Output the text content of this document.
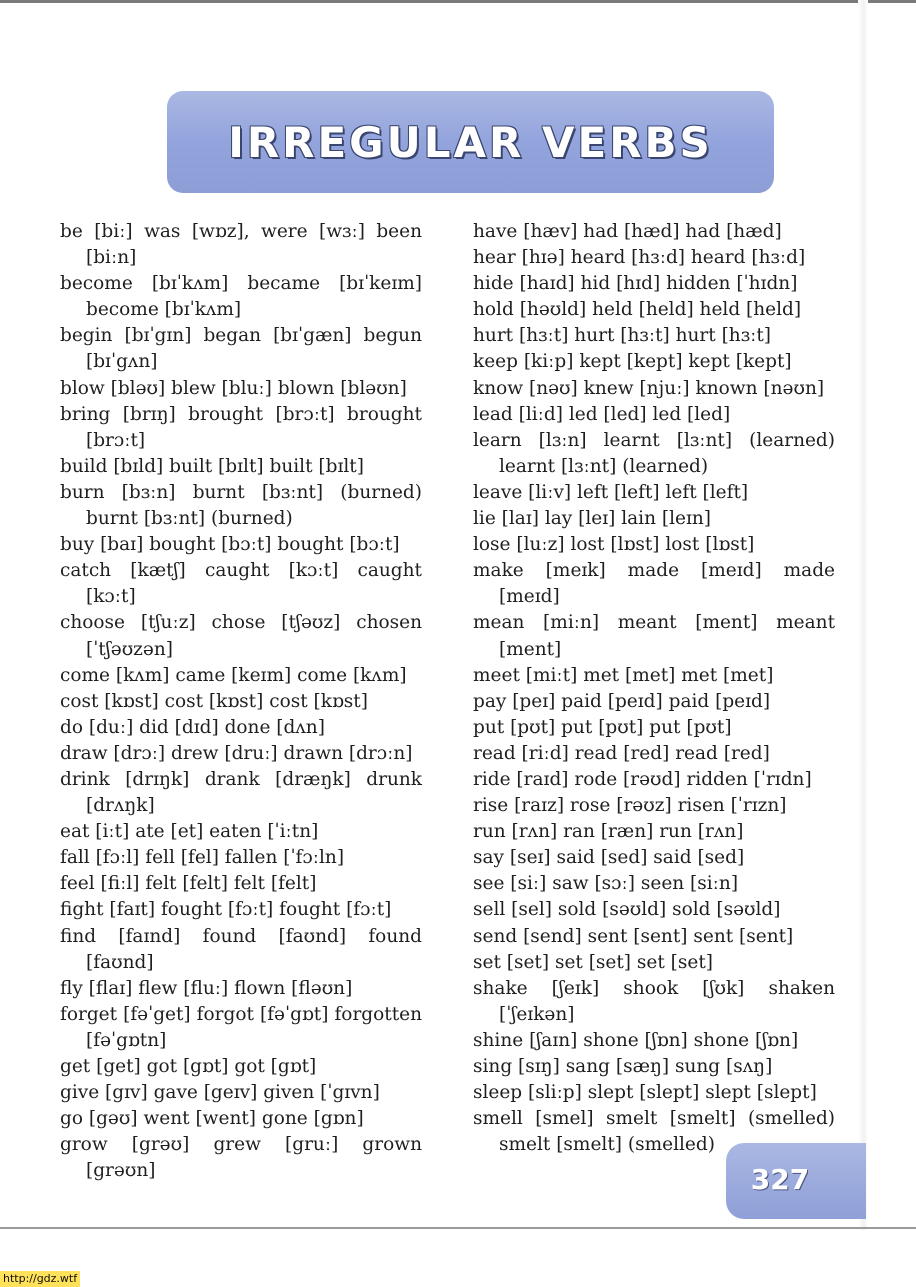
IRREGULAR VERBS
be [biː] was [wɒz], were [wɜː] been [biːn]
become [bɪˈkʌm] became [bɪˈkeɪm] become [bɪˈkʌm]
begin [bɪˈgɪn] began [bɪˈgæn] begun [bɪˈgʌn]
blow [bləʊ] blew [bluː] blown [bləʊn]
bring [brɪŋ] brought [brɔːt] brought [brɔːt]
build [bɪld] built [bɪlt] built [bɪlt]
burn [bɜːn] burnt [bɜːnt] (burned) burnt [bɜːnt] (burned)
buy [baɪ] bought [bɔːt] bought [bɔːt]
catch [kætʃ] caught [kɔːt] caught [kɔːt]
choose [tʃuːz] chose [tʃəʊz] chosen [ˈtʃəʊzən]
come [kʌm] came [keɪm] come [kʌm]
cost [kɒst] cost [kɒst] cost [kɒst]
do [duː] did [dɪd] done [dʌn]
draw [drɔː] drew [druː] drawn [drɔːn]
drink [drɪŋk] drank [dræŋk] drunk [drʌŋk]
eat [iːt] ate [et] eaten [ˈiːtn]
fall [fɔːl] fell [fel] fallen [ˈfɔːln]
feel [fiːl] felt [felt] felt [felt]
fight [faɪt] fought [fɔːt] fought [fɔːt]
find [faɪnd] found [faʊnd] found [faʊnd]
fly [flaɪ] flew [fluː] flown [fləʊn]
forget [fəˈget] forgot [fəˈgɒt] forgotten [fəˈgɒtn]
get [get] got [gɒt] got [gɒt]
give [gɪv] gave [geɪv] given [ˈgɪvn]
go [gəʊ] went [went] gone [gɒn]
grow [grəʊ] grew [gruː] grown [grəʊn]
have [hæv] had [hæd] had [hæd]
hear [hɪə] heard [hɜːd] heard [hɜːd]
hide [haɪd] hid [hɪd] hidden [ˈhɪdn]
hold [həʊld] held [held] held [held]
hurt [hɜːt] hurt [hɜːt] hurt [hɜːt]
keep [kiːp] kept [kept] kept [kept]
know [nəʊ] knew [njuː] known [nəʊn]
lead [liːd] led [led] led [led]
learn [lɜːn] learnt [lɜːnt] (learned) learnt [lɜːnt] (learned)
leave [liːv] left [left] left [left]
lie [laɪ] lay [leɪ] lain [leɪn]
lose [luːz] lost [lɒst] lost [lɒst]
make [meɪk] made [meɪd] made [meɪd]
mean [miːn] meant [ment] meant [ment]
meet [miːt] met [met] met [met]
pay [peɪ] paid [peɪd] paid [peɪd]
put [pʊt] put [pʊt] put [pʊt]
read [riːd] read [red] read [red]
ride [raɪd] rode [rəʊd] ridden [ˈrɪdn]
rise [raɪz] rose [rəʊz] risen [ˈrɪzn]
run [rʌn] ran [ræn] run [rʌn]
say [seɪ] said [sed] said [sed]
see [siː] saw [sɔː] seen [siːn]
sell [sel] sold [səʊld] sold [səʊld]
send [send] sent [sent] sent [sent]
set [set] set [set] set [set]
shake [ʃeɪk] shook [ʃʊk] shaken [ˈʃeɪkən]
shine [ʃaɪn] shone [ʃɒn] shone [ʃɒn]
sing [sɪŋ] sang [sæŋ] sung [sʌŋ]
sleep [sliːp] slept [slept] slept [slept]
smell [smel] smelt [smelt] (smelled) smelt [smelt] (smelled)
327
http://gdz.wtf
